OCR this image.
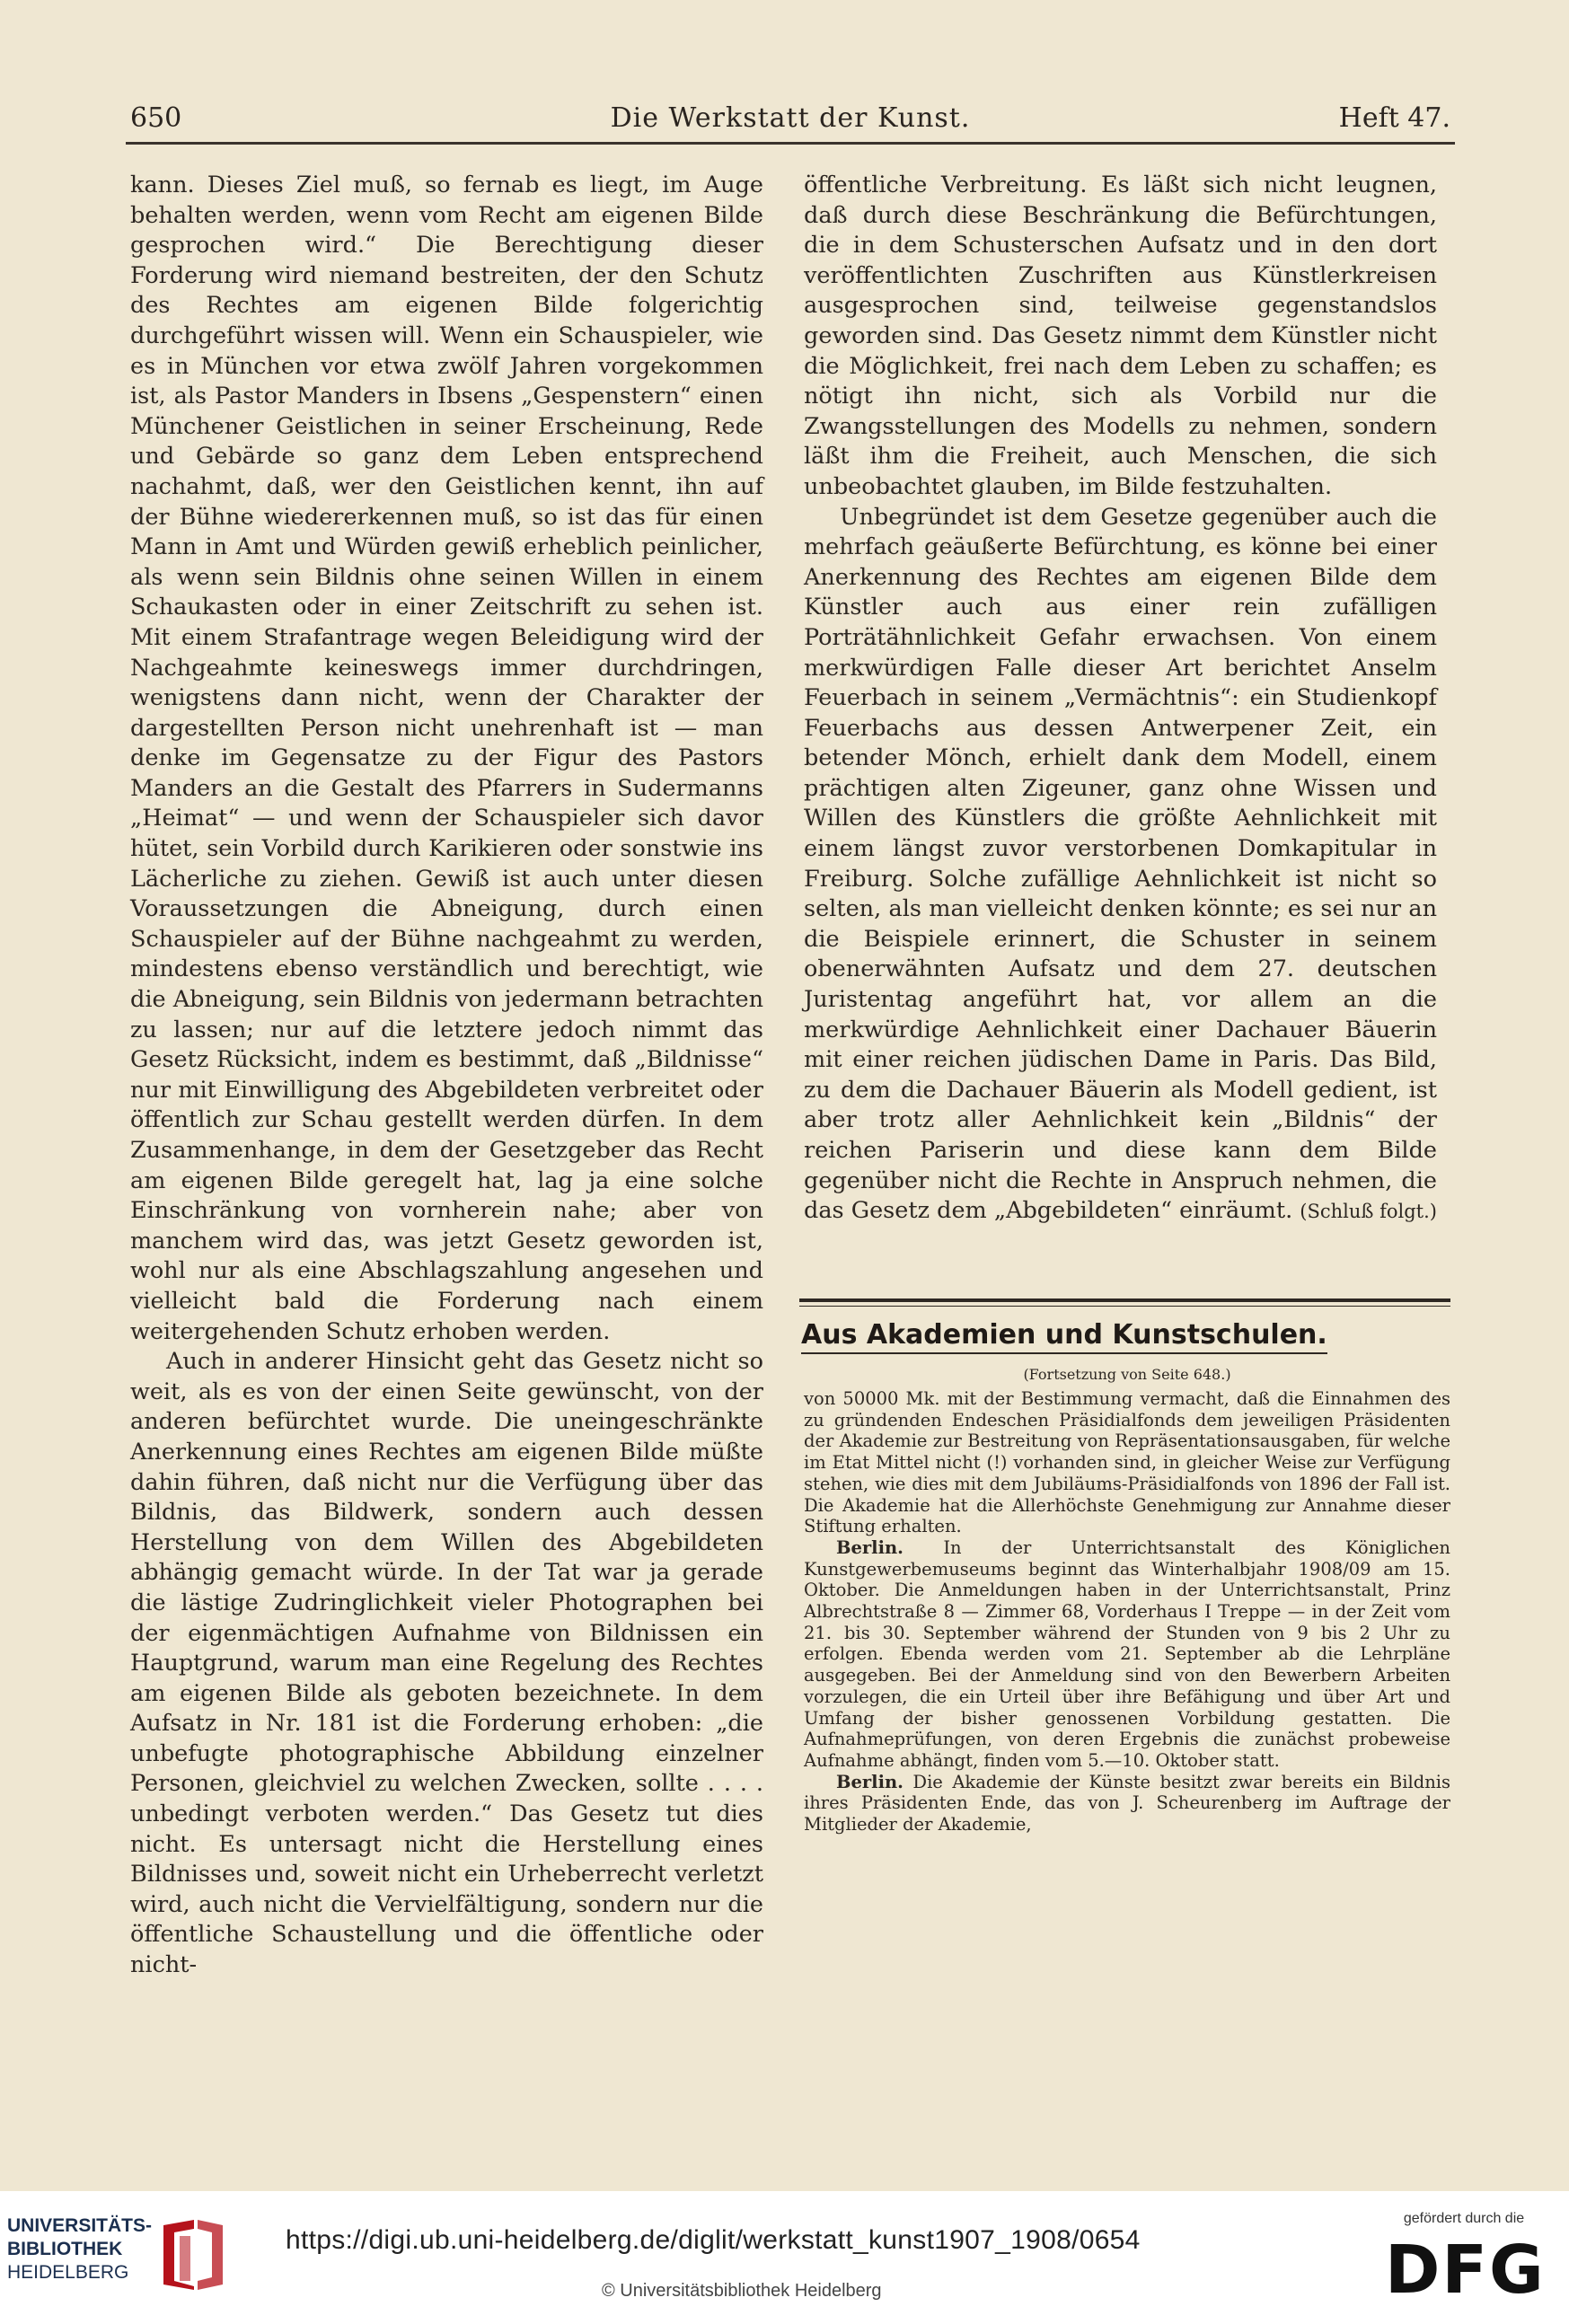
650	Die Werkstatt der Kunst.	Heft 47.

kann. Dieses Ziel muß, so fernab es liegt, im Auge behalten werden, wenn vom Recht am eigenen Bilde gesprochen wird.“ Die Berechtigung dieser Forderung wird niemand bestreiten, der den Schutz des Rechtes am eigenen Bilde folgerichtig durchgeführt wissen will. Wenn ein Schauspieler, wie es in München vor etwa zwölf Jahren vorgekommen ist, als Pastor Manders in Ibsens „Gespenstern“ einen Münchener Geistlichen in seiner Erscheinung, Rede und Gebärde so ganz dem Leben entsprechend nachahmt, daß, wer den Geistlichen kennt, ihn auf der Bühne wiedererkennen muß, so ist das für einen Mann in Amt und Würden gewiß erheblich peinlicher, als wenn sein Bildnis ohne seinen Willen in einem Schaukasten oder in einer Zeitschrift zu sehen ist. Mit einem Strafantrage wegen Beleidigung wird der Nachgeahmte keineswegs immer durchdringen, wenigstens dann nicht, wenn der Charakter der dargestellten Person nicht unehrenhaft ist — man denke im Gegensatze zu der Figur des Pastors Manders an die Gestalt des Pfarrers in Sudermanns „Heimat“ — und wenn der Schauspieler sich davor hütet, sein Vorbild durch Karikieren oder sonstwie ins Lächerliche zu ziehen. Gewiß ist auch unter diesen Voraussetzungen die Abneigung, durch einen Schauspieler auf der Bühne nachgeahmt zu werden, mindestens ebenso verständlich und berechtigt, wie die Abneigung, sein Bildnis von jedermann betrachten zu lassen; nur auf die letztere jedoch nimmt das Gesetz Rücksicht, indem es bestimmt, daß „Bildnisse“ nur mit Einwilligung des Abgebildeten verbreitet oder öffentlich zur Schau gestellt werden dürfen. In dem Zusammenhange, in dem der Gesetzgeber das Recht am eigenen Bilde geregelt hat, lag ja eine solche Einschränkung von vornherein nahe; aber von manchem wird das, was jetzt Gesetz geworden ist, wohl nur als eine Abschlagszahlung angesehen und vielleicht bald die Forderung nach einem weitergehenden Schutz erhoben werden.

Auch in anderer Hinsicht geht das Gesetz nicht so weit, als es von der einen Seite gewünscht, von der anderen befürchtet wurde. Die uneingeschränkte Anerkennung eines Rechtes am eigenen Bilde müßte dahin führen, daß nicht nur die Verfügung über das Bildnis, das Bildwerk, sondern auch dessen Herstellung von dem Willen des Abgebildeten abhängig gemacht würde. In der Tat war ja gerade die lästige Zudringlichkeit vieler Photographen bei der eigenmächtigen Aufnahme von Bildnissen ein Hauptgrund, warum man eine Regelung des Rechtes am eigenen Bilde als geboten bezeichnete. In dem Aufsatz in Nr. 181 ist die Forderung erhoben: „die unbefugte photographische Abbildung einzelner Personen, gleichviel zu welchen Zwecken, sollte . . . . unbedingt verboten werden.“ Das Gesetz tut dies nicht. Es untersagt nicht die Herstellung eines Bildnisses und, soweit nicht ein Urheberrecht verletzt wird, auch nicht die Vervielfältigung, sondern nur die öffentliche Schaustellung und die öffentliche oder nicht-

öffentliche Verbreitung. Es läßt sich nicht leugnen, daß durch diese Beschränkung die Befürchtungen, die in dem Schusterschen Aufsatz und in den dort veröffentlichten Zuschriften aus Künstlerkreisen ausgesprochen sind, teilweise gegenstandslos geworden sind. Das Gesetz nimmt dem Künstler nicht die Möglichkeit, frei nach dem Leben zu schaffen; es nötigt ihn nicht, sich als Vorbild nur die Zwangsstellungen des Modells zu nehmen, sondern läßt ihm die Freiheit, auch Menschen, die sich unbeobachtet glauben, im Bilde festzuhalten.

Unbegründet ist dem Gesetze gegenüber auch die mehrfach geäußerte Befürchtung, es könne bei einer Anerkennung des Rechtes am eigenen Bilde dem Künstler auch aus einer rein zufälligen Porträtähnlichkeit Gefahr erwachsen. Von einem merkwürdigen Falle dieser Art berichtet Anselm Feuerbach in seinem „Vermächtnis“: ein Studienkopf Feuerbachs aus dessen Antwerpener Zeit, ein betender Mönch, erhielt dank dem Modell, einem prächtigen alten Zigeuner, ganz ohne Wissen und Willen des Künstlers die größte Aehnlichkeit mit einem längst zuvor verstorbenen Domkapitular in Freiburg. Solche zufällige Aehnlichkeit ist nicht so selten, als man vielleicht denken könnte; es sei nur an die Beispiele erinnert, die Schuster in seinem obenerwähnten Aufsatz und dem 27. deutschen Juristentag angeführt hat, vor allem an die merkwürdige Aehnlichkeit einer Dachauer Bäuerin mit einer reichen jüdischen Dame in Paris. Das Bild, zu dem die Dachauer Bäuerin als Modell gedient, ist aber trotz aller Aehnlichkeit kein „Bildnis“ der reichen Pariserin und diese kann dem Bilde gegenüber nicht die Rechte in Anspruch nehmen, die das Gesetz dem „Abgebildeten“ einräumt. (Schluß folgt.)
Aus Akademien und Kunstschulen.
(Fortsetzung von Seite 648.)

von 50000 Mk. mit der Bestimmung vermacht, daß die Einnahmen des zu gründenden Endeschen Präsidialfonds dem jeweiligen Präsidenten der Akademie zur Bestreitung von Repräsentationsausgaben, für welche im Etat Mittel nicht (!) vorhanden sind, in gleicher Weise zur Verfügung stehen, wie dies mit dem Jubiläums-Präsidialfonds von 1896 der Fall ist. Die Akademie hat die Allerhöchste Genehmigung zur Annahme dieser Stiftung erhalten.

Berlin. In der Unterrichtsanstalt des Königlichen Kunstgewerbemuseums beginnt das Winterhalbjahr 1908/09 am 15. Oktober. Die Anmeldungen haben in der Unterrichtsanstalt, Prinz Albrechtstraße 8 — Zimmer 68, Vorderhaus I Treppe — in der Zeit vom 21. bis 30. September während der Stunden von 9 bis 2 Uhr zu erfolgen. Ebenda werden vom 21. September ab die Lehrpläne ausgegeben. Bei der Anmeldung sind von den Bewerbern Arbeiten vorzulegen, die ein Urteil über ihre Befähigung und über Art und Umfang der bisher genossenen Vorbildung gestatten. Die Aufnahmeprüfungen, von deren Ergebnis die zunächst probeweise Aufnahme abhängt, finden vom 5.—10. Oktober statt.

Berlin. Die Akademie der Künste besitzt zwar bereits ein Bildnis ihres Präsidenten Ende, das von J. Scheurenberg im Auftrage der Mitglieder der Akademie,

UNIVERSITÄTS-
BIBLIOTHEK
HEIDELBERG
https://digi.ub.uni-heidelberg.de/diglit/werkstatt_kunst1907_1908/0654
© Universitätsbibliothek Heidelberg
gefördert durch die
DFG
